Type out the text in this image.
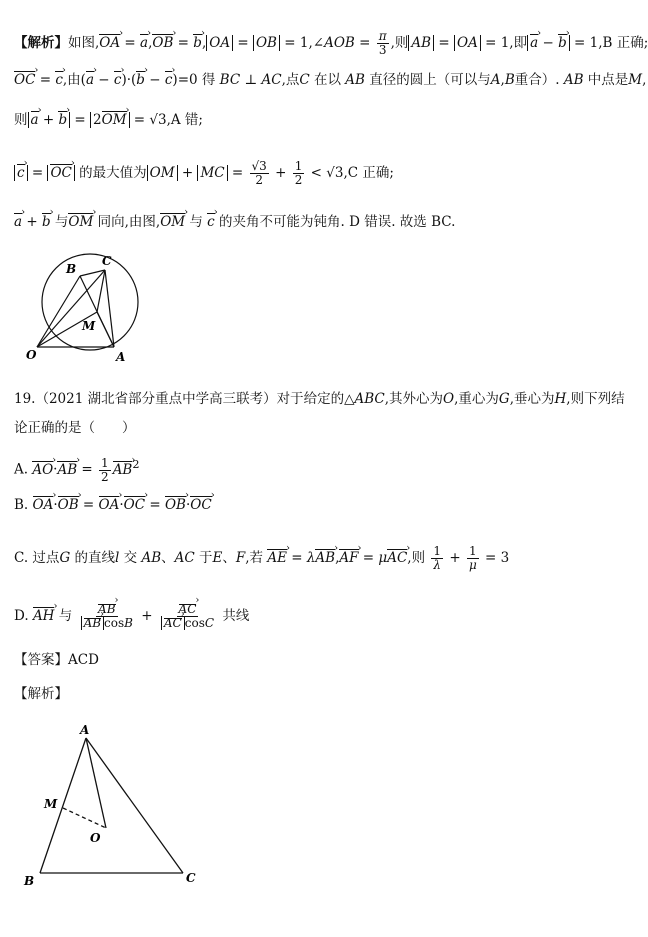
【解析】如图,OA › = a ›,OB › = b ›, OA = OB = 1,∠AOB = $\frac{\pi}{3}$ ,则 AB = OA = 1,即 a › − b › = 1,B 正确;
OC › = c ›,由(a › − c ›)·(b › − c ›)=0 得 BC ⊥ AC,点C 在以 AB 直径的圆上（可以与A,B重合）. AB 中点是M,
则 a › + b › = 2OM › = √3,A 错;
c › = OC › 的最大值为 OM + MC = $\frac{√3}{2} + \frac{1}{2} < √3,C$ 正确;
a › + b › 与OM › 同向,由图,OM › 与 c › 的夹角不可能为钝角. D 错误. 故选 BC.
B
C
M
O	A
19.（2021 湖北省部分重点中学高三联考）对于给定的△ABC,其外心为O,重心为G,垂心为H,则下列结
论正确的是（　　）
A. AO ›·AB › = $\frac{1}{2}$ AB ›$^2$
B. OA ›·OB › = OA ›·OC › = OB ›·OC ›
C. 过点G 的直线l 交 AB、AC 于E、F,若 AE › = λAB ›,AF › = μAC ›,则 $\frac{1}{\lambda} + \frac{1}{\mu} = 3$
D. AH › 与 $\frac{AB ›}{AB › \cos B} + \frac{AC ›}{AC › \cos C}$ 共线
【答案】ACD
【解析】
A
M
O
B	C
